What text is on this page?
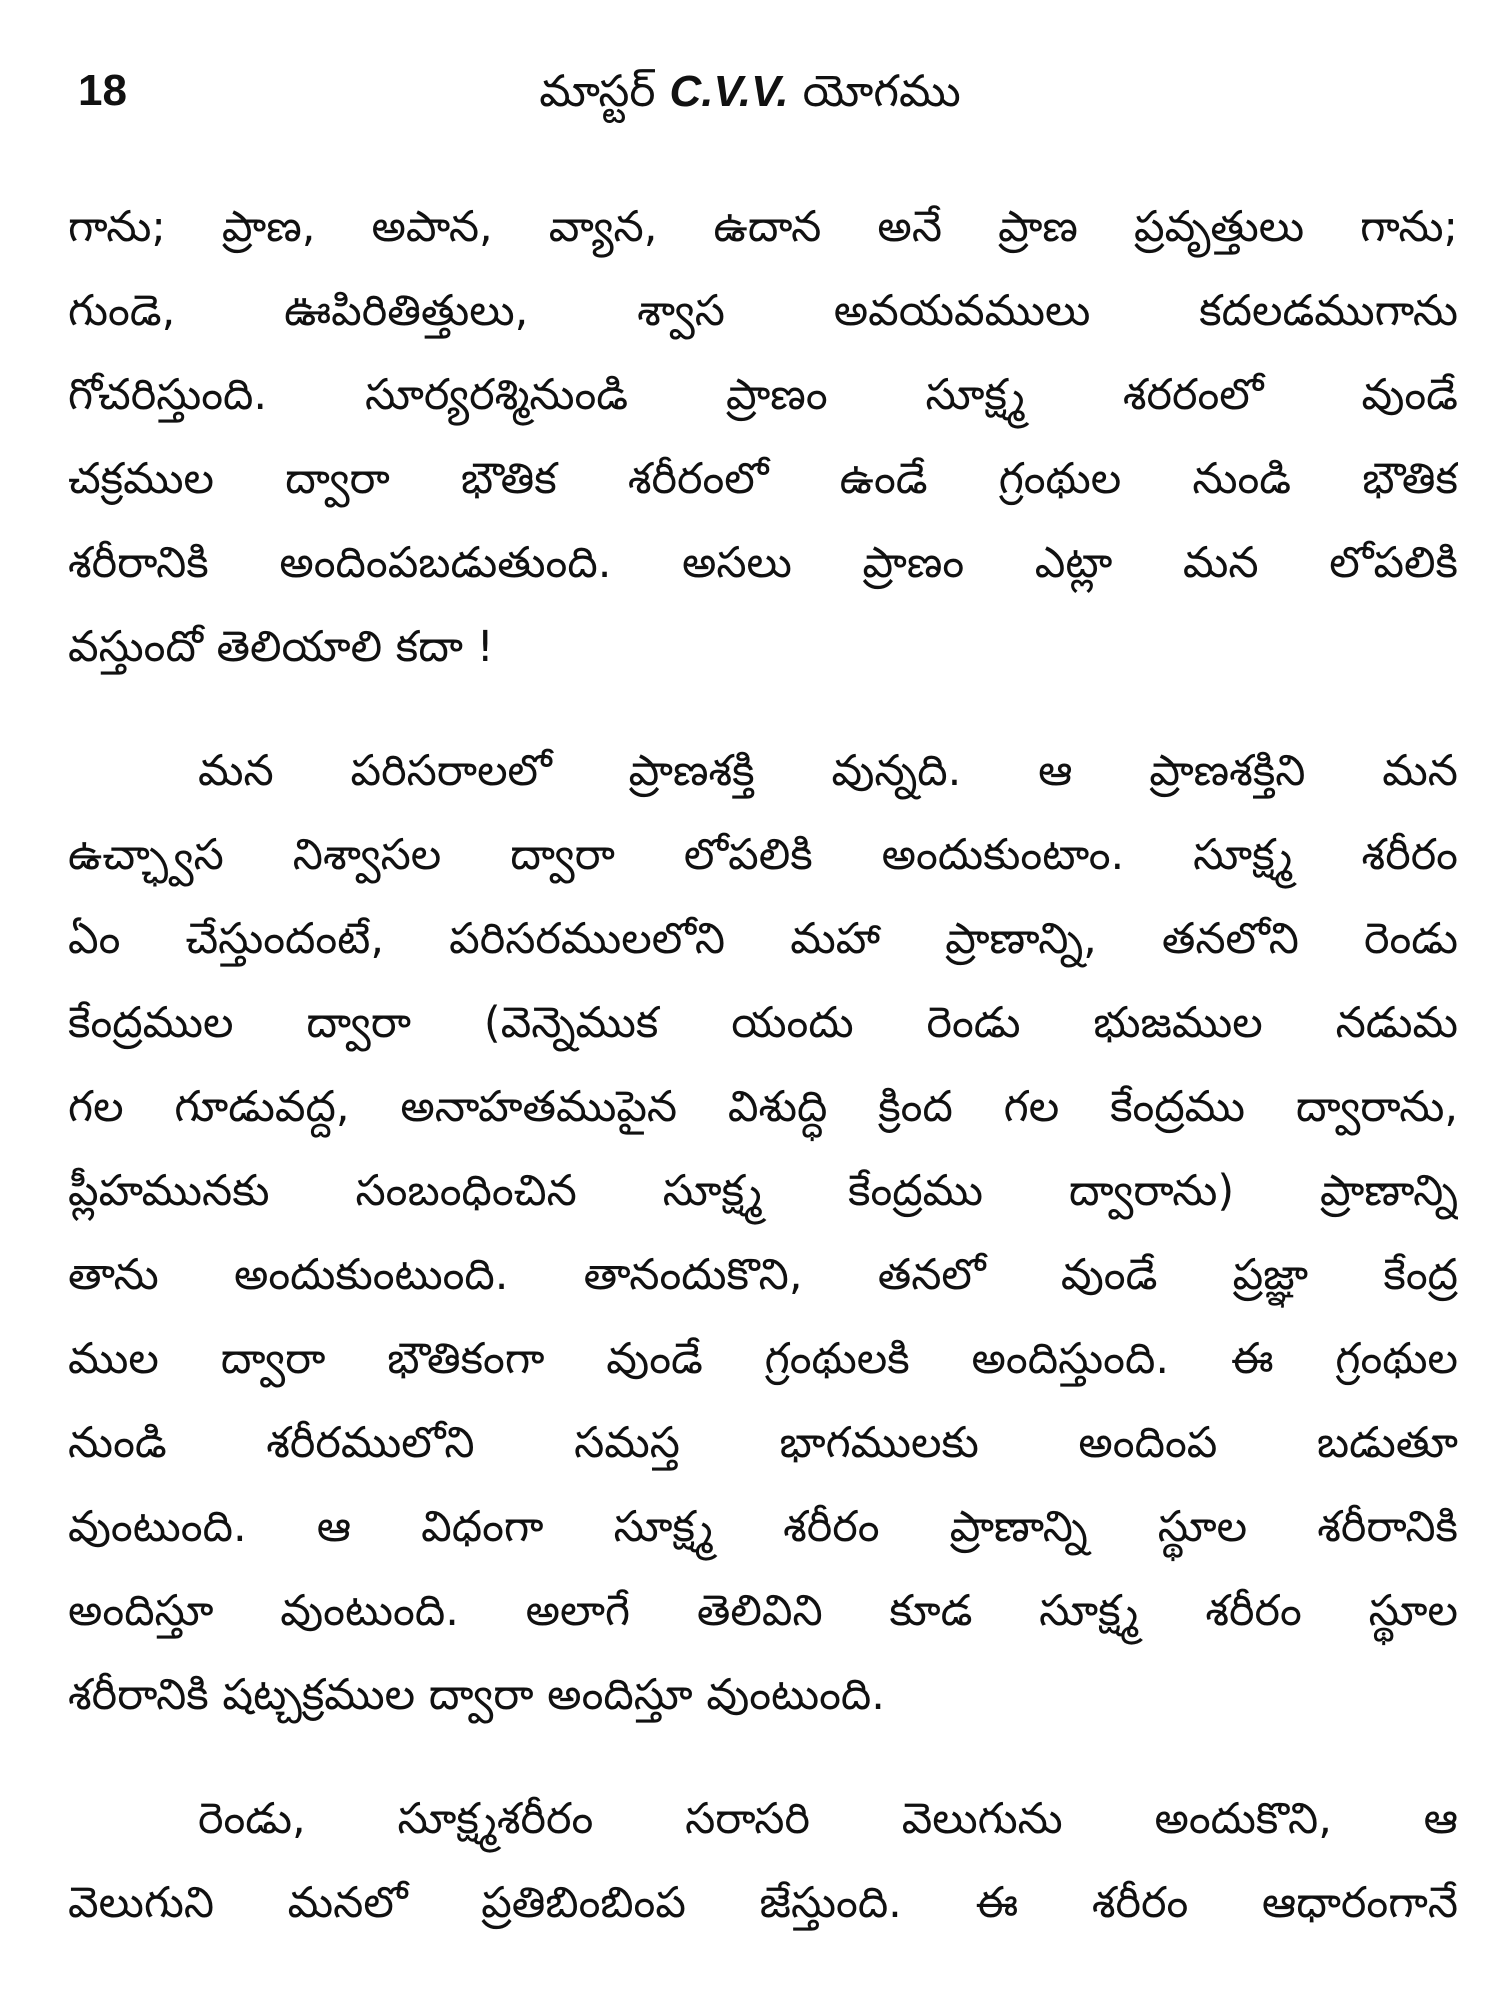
18	మాస్టర్ C.V.V. యోగము
గాను; ప్రాణ, అపాన, వ్యాన, ఉదాన అనే ప్రాణ ప్రవృత్తులు గాను;
గుండె, ఊపిరితిత్తులు, శ్వాస అవయవములు కదలడముగాను
గోచరిస్తుంది. సూర్యరశ్మినుండి ప్రాణం సూక్ష్మ శరరంలో వుండే
చక్రముల ద్వారా భౌతిక శరీరంలో ఉండే గ్రంథుల నుండి భౌతిక
శరీరానికి అందింపబడుతుంది. అసలు ప్రాణం ఎట్లా మన లోపలికి
వస్తుందో తెలియాలి కదా !
మన పరిసరాలలో ప్రాణశక్తి వున్నది. ఆ ప్రాణశక్తిని మన
ఉచ్ఛ్వాస నిశ్వాసల ద్వారా లోపలికి అందుకుంటాం. సూక్ష్మ శరీరం
ఏం చేస్తుందంటే, పరిసరములలోని మహా ప్రాణాన్ని, తనలోని రెండు
కేంద్రముల ద్వారా (వెన్నెముక యందు రెండు భుజముల నడుమ
గల గూడువద్ద, అనాహతముపైన విశుద్ధి క్రింద గల కేంద్రము ద్వారాను,
ప్లీహమునకు సంబంధించిన సూక్ష్మ కేంద్రము ద్వారాను) ప్రాణాన్ని
తాను అందుకుంటుంది. తానందుకొని, తనలో వుండే ప్రజ్ఞా కేంద్ర
ముల ద్వారా భౌతికంగా వుండే గ్రంథులకి అందిస్తుంది. ఈ గ్రంథుల
నుండి శరీరములోని సమస్త భాగములకు అందింప బడుతూ
వుంటుంది. ఆ విధంగా సూక్ష్మ శరీరం ప్రాణాన్ని స్థూల శరీరానికి
అందిస్తూ వుంటుంది. అలాగే తెలివిని కూడ సూక్ష్మ శరీరం స్థూల
శరీరానికి షట్చక్రముల ద్వారా అందిస్తూ వుంటుంది.
రెండు, సూక్ష్మశరీరం సరాసరి వెలుగును అందుకొని, ఆ
వెలుగుని మనలో ప్రతిబింబింప జేస్తుంది. ఈ శరీరం ఆధారంగానే
